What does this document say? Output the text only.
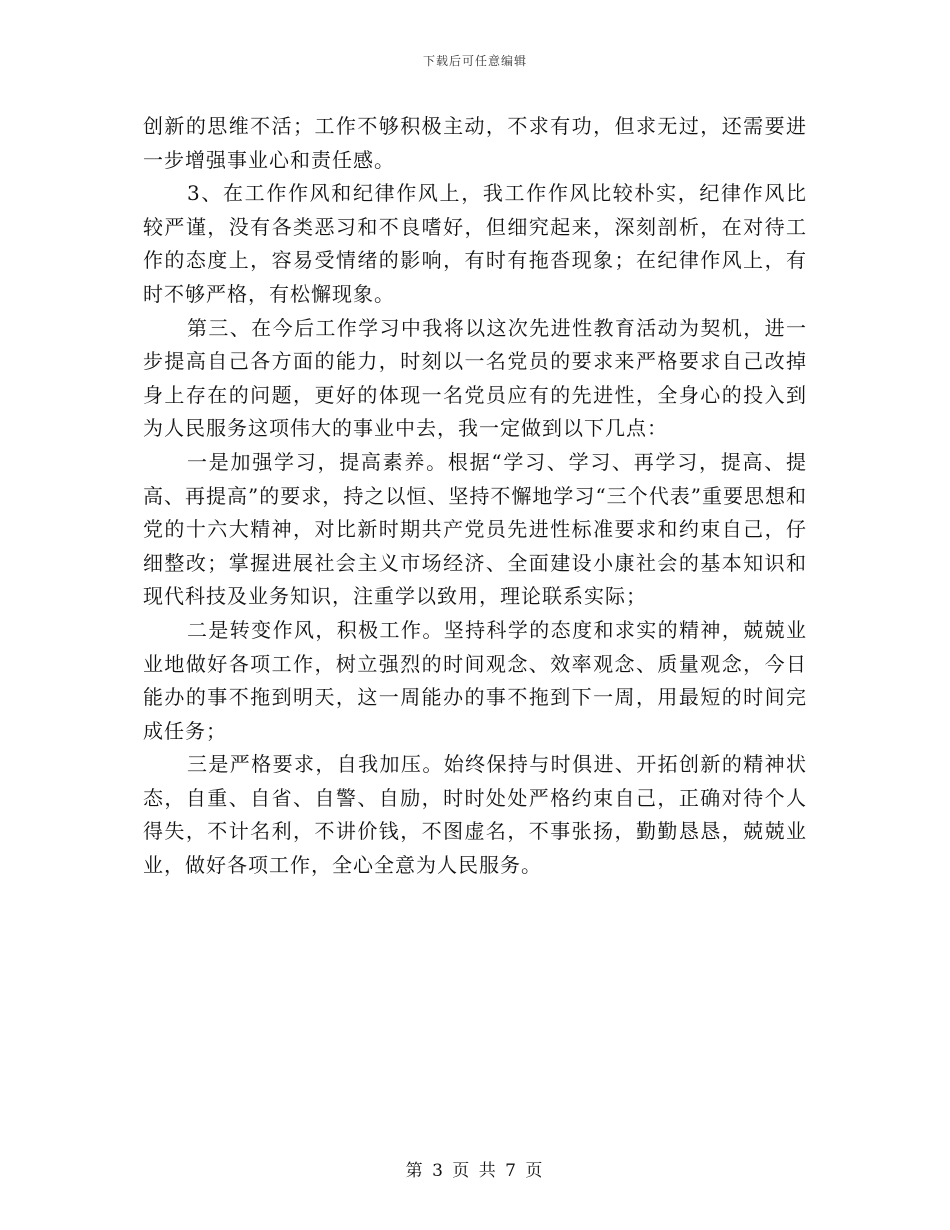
下载后可任意编辑

创新的思维不活；工作不够积极主动，不求有功，但求无过，还需要进一步增强事业心和责任感。

3、在工作作风和纪律作风上，我工作作风比较朴实，纪律作风比较严谨，没有各类恶习和不良嗜好，但细究起来，深刻剖析，在对待工作的态度上，容易受情绪的影响，有时有拖沓现象；在纪律作风上，有时不够严格，有松懈现象。

第三、在今后工作学习中我将以这次先进性教育活动为契机，进一步提高自己各方面的能力，时刻以一名党员的要求来严格要求自己改掉身上存在的问题，更好的体现一名党员应有的先进性，全身心的投入到为人民服务这项伟大的事业中去，我一定做到以下几点：

一是加强学习，提高素养。根据“学习、学习、再学习，提高、提高、再提高”的要求，持之以恒、坚持不懈地学习“三个代表”重要思想和党的十六大精神，对比新时期共产党员先进性标准要求和约束自己，仔细整改；掌握进展社会主义市场经济、全面建设小康社会的基本知识和现代科技及业务知识，注重学以致用，理论联系实际；

二是转变作风，积极工作。坚持科学的态度和求实的精神，兢兢业业地做好各项工作，树立强烈的时间观念、效率观念、质量观念，今日能办的事不拖到明天，这一周能办的事不拖到下一周，用最短的时间完成任务；

三是严格要求，自我加压。始终保持与时俱进、开拓创新的精神状态，自重、自省、自警、自励，时时处处严格约束自己，正确对待个人得失，不计名利，不讲价钱，不图虚名，不事张扬，勤勤恳恳，兢兢业业，做好各项工作，全心全意为人民服务。

第 3 页 共 7 页
